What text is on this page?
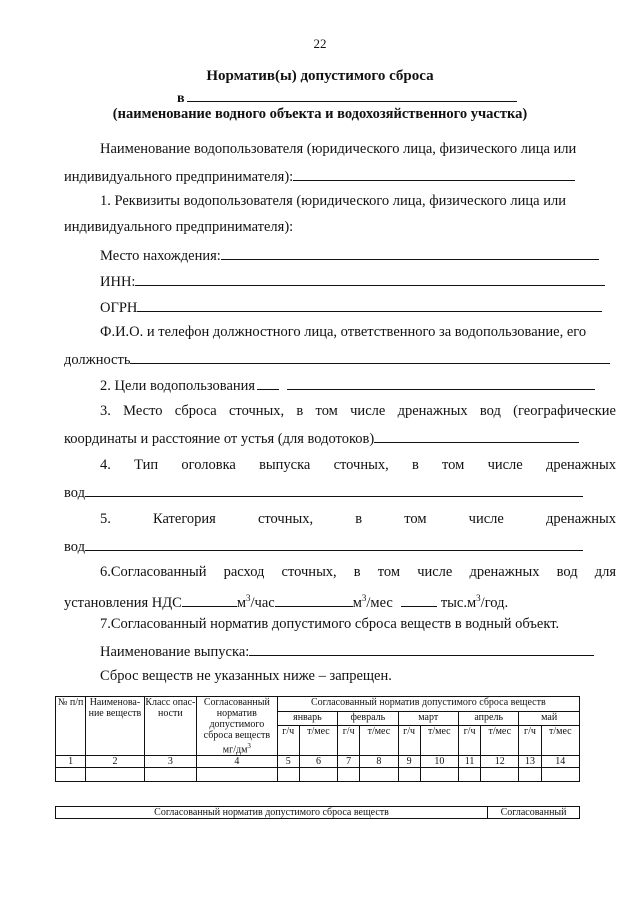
22
Норматив(ы) допустимого сброса
в
(наименование водного объекта и водохозяйственного участка)
Наименование водопользователя (юридического лица, физического лица или
индивидуального предпринимателя):
1. Реквизиты водопользователя (юридического лица, физического лица или
индивидуального предпринимателя):
Место нахождения:
ИНН:
ОГРН
Ф.И.О. и телефон должностного лица, ответственного за водопользование, его
должность
2. Цели водопользования
3. Место сброса сточных, в том числе дренажных вод (географические
координаты и расстояние от устья (для водотоков)
4. Тип оголовка выпуска сточных, в том числе дренажных
вод
5. Категория сточных, в том числе дренажных
вод
6.Согласованный расход сточных, в том числе дренажных вод для
установления НДС	$м^3$/час	$м^3$/мес	$тыс.м^3$/год.
7.Согласованный норматив допустимого сброса веществ в водный объект.
Наименование выпуска:
Сброс веществ не указанных ниже – запрещен.
№ п/п	Наименова-ние веществ	Класс опас-ности	Согласованный норматив допустимого сброса веществ $мг/дм^3$	Согласованный норматив допустимого сброса веществ									
				январь		февраль		март		апрель		май	
				г/ч	т/мес	г/ч	т/мес	г/ч	т/мес	г/ч	т/мес	г/ч	т/мес
1	2	3	4	5	6	7	8	9	10	11	12	13	14

Согласованный норматив допустимого сброса веществ	Согласованный
